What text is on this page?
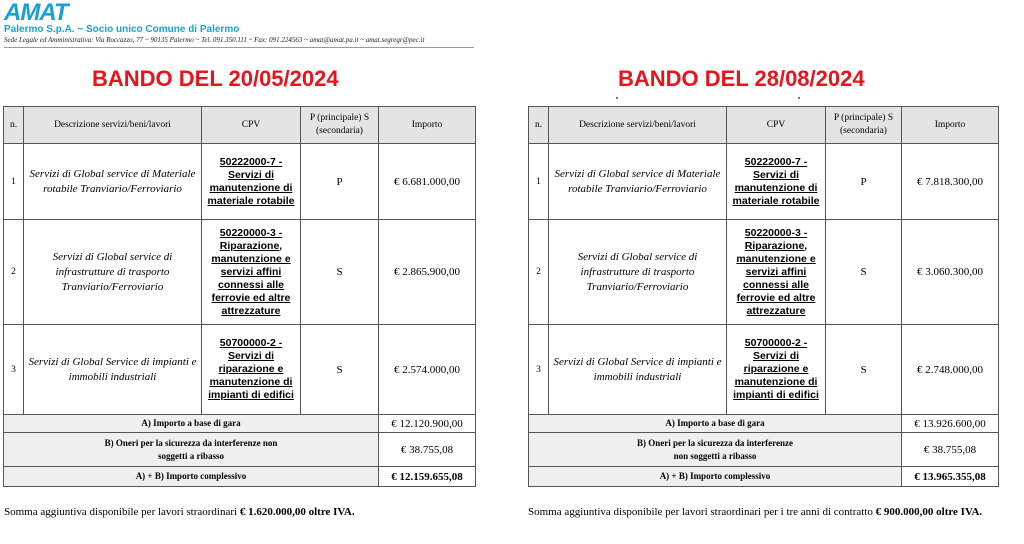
AMAT
Palermo S.p.A. ~ Socio unico Comune di Palermo
Sede Legale ed Amministrativa: Via Roccazzo, 77 ~ 90135 Palermo ~ Tel. 091.350.111 ~ Fax: 091.224563 ~ amat@amat.pa.it ~ amat.segregr@pec.it
BANDO DEL 20/05/2024	BANDO DEL 28/08/2024
n.	Descrizione servizi/beni/lavori	CPV	P (principale) S (secondaria)	Importo
1	Servizi di Global service di Materiale rotabile Tranviario/Ferroviario	50222000-7 - Servizi di manutenzione di materiale rotabile	P	€ 6.681.000,00
2	Servizi di Global service di infrastrutture di trasporto Tranviario/Ferroviario	50220000-3 - Riparazione, manutenzione e servizi affini connessi alle ferrovie ed altre attrezzature	S	€ 2.865.900,00
3	Servizi di Global Service di impianti e immobili industriali	50700000-2 - Servizi di riparazione e manutenzione di impianti di edifici	S	€ 2.574.000,00
A) Importo a base di gara				€ 12.120.900,00
B) Oneri per la sicurezza da interferenze non soggetti a ribasso				€ 38.755,08
A) + B) Importo complessivo				€ 12.159.655,08
n.	Descrizione servizi/beni/lavori	CPV	P (principale) S (secondaria)	Importo
1	Servizi di Global service di Materiale rotabile Tranviario/Ferroviario	50222000-7 - Servizi di manutenzione di materiale rotabile	P	€ 7.818.300,00
2	Servizi di Global service di infrastrutture di trasporto Tranviario/Ferroviario	50220000-3 - Riparazione, manutenzione e servizi affini connessi alle ferrovie ed altre attrezzature	S	€ 3.060.300,00
3	Servizi di Global Service di impianti e immobili industriali	50700000-2 - Servizi di riparazione e manutenzione di impianti di edifici	S	€ 2.748.000,00
A) Importo a base di gara				€ 13.926.600,00
B) Oneri per la sicurezza da interferenze non soggetti a ribasso				€ 38.755,08
A) + B) Importo complessivo				€ 13.965.355,08
Somma aggiuntiva disponibile per lavori straordinari € 1.620.000,00 oltre IVA.	Somma aggiuntiva disponibile per lavori straordinari per i tre anni di contratto € 900.000,00 oltre IVA.
